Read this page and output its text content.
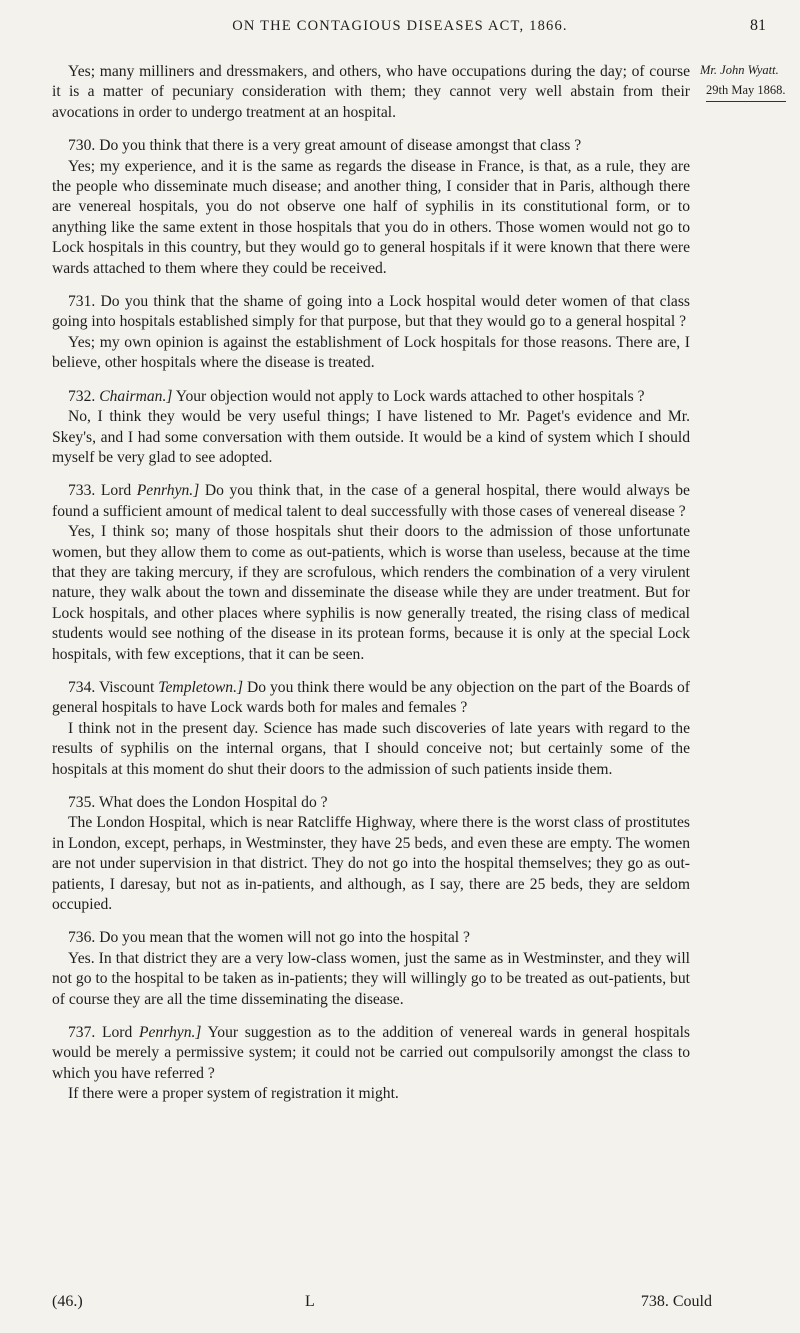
ON THE CONTAGIOUS DISEASES ACT, 1866.	81
Mr. John Wyatt.
29th May 1868.

Yes; many milliners and dressmakers, and others, who have occupations during the day; of course it is a matter of pecuniary consideration with them; they cannot very well abstain from their avocations in order to undergo treatment at an hospital.

730. Do you think that there is a very great amount of disease amongst that class ?

Yes; my experience, and it is the same as regards the disease in France, is that, as a rule, they are the people who disseminate much disease; and another thing, I consider that in Paris, although there are venereal hospitals, you do not observe one half of syphilis in its constitutional form, or to anything like the same extent in those hospitals that you do in others. Those women would not go to Lock hospitals in this country, but they would go to general hospitals if it were known that there were wards attached to them where they could be received.

731. Do you think that the shame of going into a Lock hospital would deter women of that class going into hospitals established simply for that purpose, but that they would go to a general hospital ?

Yes; my own opinion is against the establishment of Lock hospitals for those reasons. There are, I believe, other hospitals where the disease is treated.

732. Chairman.] Your objection would not apply to Lock wards attached to other hospitals ?

No, I think they would be very useful things; I have listened to Mr. Paget's evidence and Mr. Skey's, and I had some conversation with them outside. It would be a kind of system which I should myself be very glad to see adopted.

733. Lord Penrhyn.] Do you think that, in the case of a general hospital, there would always be found a sufficient amount of medical talent to deal successfully with those cases of venereal disease ?

Yes, I think so; many of those hospitals shut their doors to the admission of those unfortunate women, but they allow them to come as out-patients, which is worse than useless, because at the time that they are taking mercury, if they are scrofulous, which renders the combination of a very virulent nature, they walk about the town and disseminate the disease while they are under treatment. But for Lock hospitals, and other places where syphilis is now generally treated, the rising class of medical students would see nothing of the disease in its protean forms, because it is only at the special Lock hospitals, with few exceptions, that it can be seen.

734. Viscount Templetown.] Do you think there would be any objection on the part of the Boards of general hospitals to have Lock wards both for males and females ?

I think not in the present day. Science has made such discoveries of late years with regard to the results of syphilis on the internal organs, that I should conceive not; but certainly some of the hospitals at this moment do shut their doors to the admission of such patients inside them.

735. What does the London Hospital do ?

The London Hospital, which is near Ratcliffe Highway, where there is the worst class of prostitutes in London, except, perhaps, in Westminster, they have 25 beds, and even these are empty. The women are not under supervision in that district. They do not go into the hospital themselves; they go as out-patients, I daresay, but not as in-patients, and although, as I say, there are 25 beds, they are seldom occupied.

736. Do you mean that the women will not go into the hospital ?

Yes. In that district they are a very low-class women, just the same as in Westminster, and they will not go to the hospital to be taken as in-patients; they will willingly go to be treated as out-patients, but of course they are all the time disseminating the disease.

737. Lord Penrhyn.] Your suggestion as to the addition of venereal wards in general hospitals would be merely a permissive system; it could not be carried out compulsorily amongst the class to which you have referred ?

If there were a proper system of registration it might.

(46.)	L	738. Could
